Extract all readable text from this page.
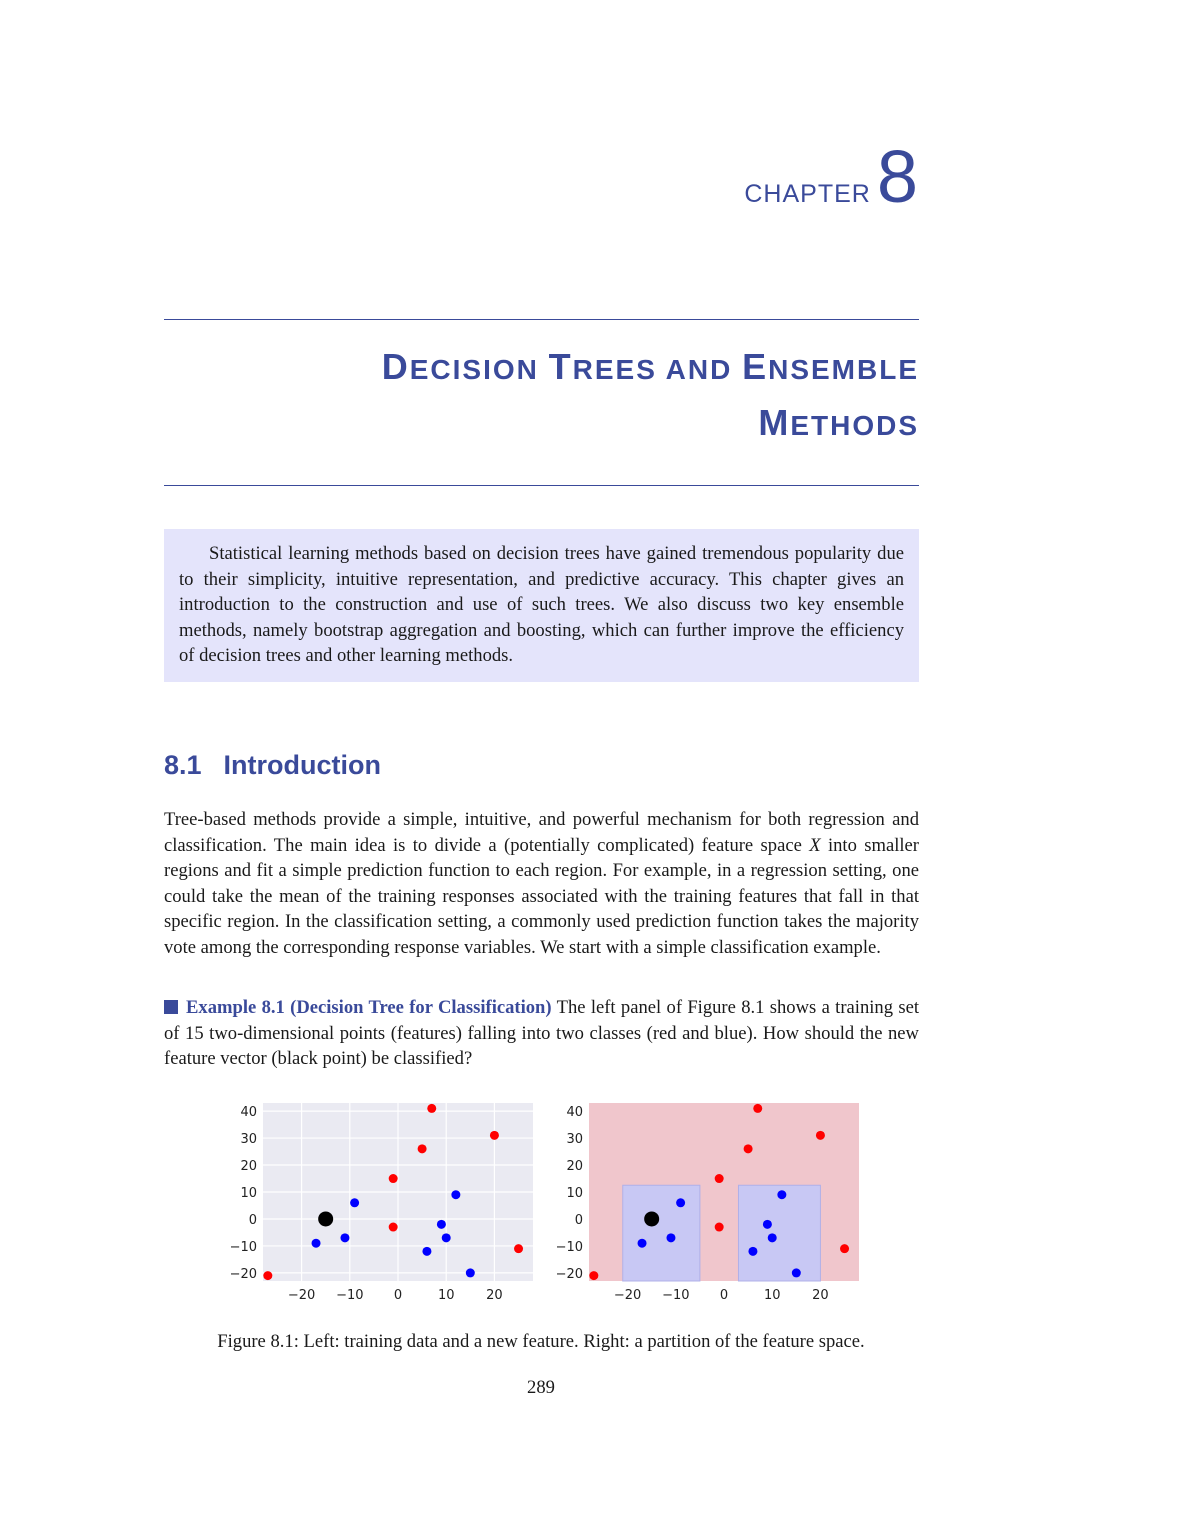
CHAPTER 8
DECISION TREES AND ENSEMBLE
METHODS

Statistical learning methods based on decision trees have gained tremendous popularity due to their simplicity, intuitive representation, and predictive accuracy. This chapter gives an introduction to the construction and use of such trees. We also discuss two key ensemble methods, namely bootstrap aggregation and boosting, which can further improve the efficiency of decision trees and other learning methods.

8.1 Introduction

Tree-based methods provide a simple, intuitive, and powerful mechanism for both regression and classification. The main idea is to divide a (potentially complicated) feature space X into smaller regions and fit a simple prediction function to each region. For example, in a regression setting, one could take the mean of the training responses associated with the training features that fall in that specific region. In the classification setting, a commonly used prediction function takes the majority vote among the corresponding response variables. We start with a simple classification example.

Example 8.1 (Decision Tree for Classification) The left panel of Figure 8.1 shows a training set of 15 two-dimensional points (features) falling into two classes (red and blue). How should the new feature vector (black point) be classified?

40
30
20
10
0
−10
−20
−20 −10 0	10 20
40
30
20
10
0
−10
−20
−20 −10 0	10 20
Figure 8.1: Left: training data and a new feature. Right: a partition of the feature space.
289
